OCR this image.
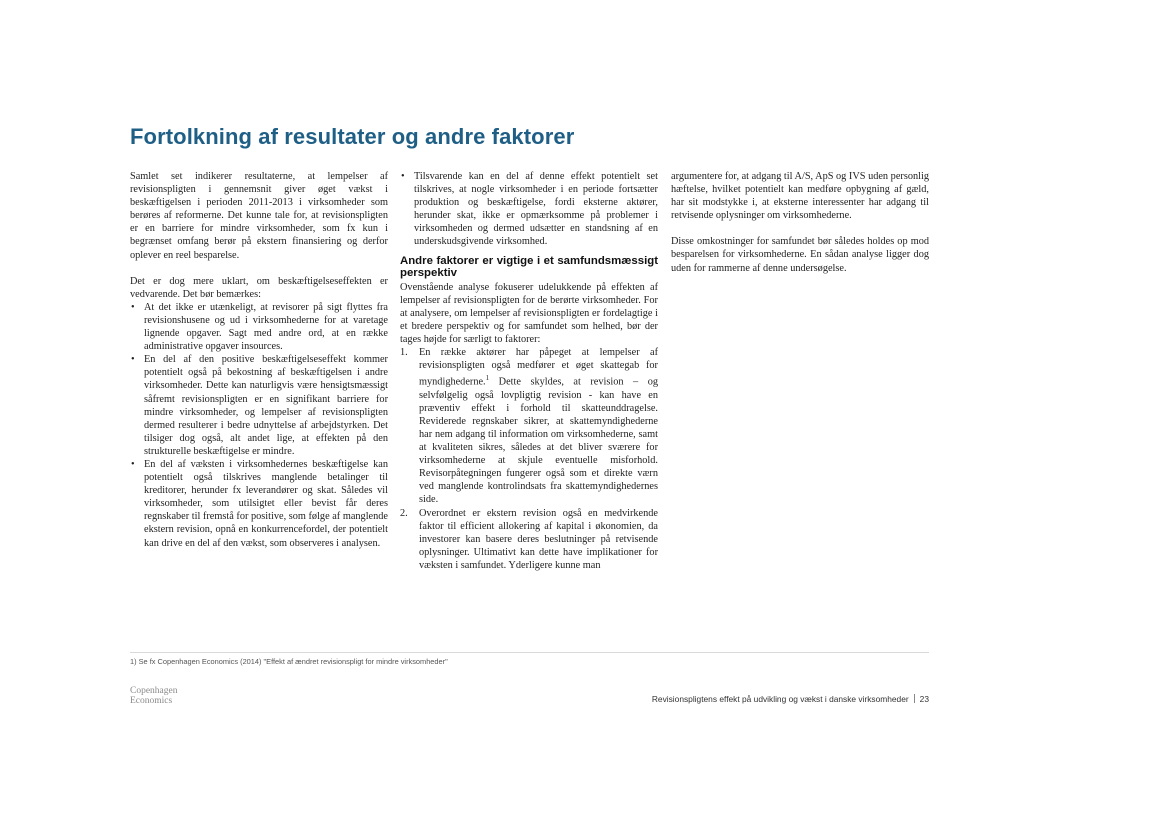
Fortolkning af resultater og andre faktorer

Samlet set indikerer resultaterne, at lempelser af revisionspligten i gennemsnit giver øget vækst i beskæftigelsen i perioden 2011-2013 i virksomheder som berøres af reformerne. Det kunne tale for, at revisionspligten er en barriere for mindre virksomheder, som fx kun i begrænset omfang berør på ekstern finansiering og derfor oplever en reel besparelse.

Det er dog mere uklart, om beskæftigelseseffekten er vedvarende. Det bør bemærkes:

• At det ikke er utænkeligt, at revisorer på sigt flyttes fra revisionshusene og ud i virksomhederne for at varetage lignende opgaver. Sagt med andre ord, at en række administrative opgaver insources.
• En del af den positive beskæftigelseseffekt kommer potentielt også på bekostning af beskæftigelsen i andre virksomheder. Dette kan naturligvis være hensigtsmæssigt såfremt revisionspligten er en signifikant barriere for mindre virksomheder, og lempelser af revisionspligten dermed resulterer i bedre udnyttelse af arbejdstyrken. Det tilsiger dog også, alt andet lige, at effekten på den strukturelle beskæftigelse er mindre.
• En del af væksten i virksomhedernes beskæftigelse kan potentielt også tilskrives manglende betalinger til kreditorer, herunder fx leverandører og skat. Således vil virksomheder, som utilsigtet eller bevist får deres regnskaber til fremstå for positive, som følge af manglende ekstern revision, opnå en konkurrencefordel, der potentielt kan drive en del af den vækst, som observeres i analysen.
• Tilsvarende kan en del af denne effekt potentielt set tilskrives, at nogle virksomheder i en periode fortsætter produktion og beskæftigelse, fordi eksterne aktører, herunder skat, ikke er opmærksomme på problemer i virksomheden og dermed udsætter en standsning af en underskudsgivende virksomhed.
Andre faktorer er vigtige i et samfundsmæssigt perspektiv

Ovenstående analyse fokuserer udelukkende på effekten af lempelser af revisionspligten for de berørte virksomheder. For at analysere, om lempelser af revisionspligten er fordelagtige i et bredere perspektiv og for samfundet som helhed, bør der tages højde for særligt to faktorer:

1. En række aktører har påpeget at lempelser af revisionspligten også medfører et øget skattegab for myndighederne.$^1$ Dette skyldes, at revision – og selvfølgelig også lovpligtig revision - kan have en præventiv effekt i forhold til skatteunddragelse. Reviderede regnskaber sikrer, at skattemyndighederne har nem adgang til information om virksomhederne, samt at kvaliteten sikres, således at det bliver sværere for virksomhederne at skjule eventuelle misforhold. Revisorpåtegningen fungerer også som et direkte værn ved manglende kontrolindsats fra skattemyndighedernes side.
2. Overordnet er ekstern revision også en medvirkende faktor til efficient allokering af kapital i økonomien, da investorer kan basere deres beslutninger på retvisende oplysninger. Ultimativt kan dette have implikationer for væksten i samfundet. Yderligere kunne man

argumentere for, at adgang til A/S, ApS og IVS uden personlig hæftelse, hvilket potentielt kan medføre opbygning af gæld, har sit modstykke i, at eksterne interessenter har adgang til retvisende oplysninger om virksomhederne.

Disse omkostninger for samfundet bør således holdes op mod besparelsen for virksomhederne. En sådan analyse ligger dog uden for rammerne af denne undersøgelse.

1) Se fx Copenhagen Economics (2014) "Effekt af ændret revisionspligt for mindre virksomheder"
Copenhagen
Economics	Revisionspligtens effekt på udvikling og vækst i danske virksomheder 23
